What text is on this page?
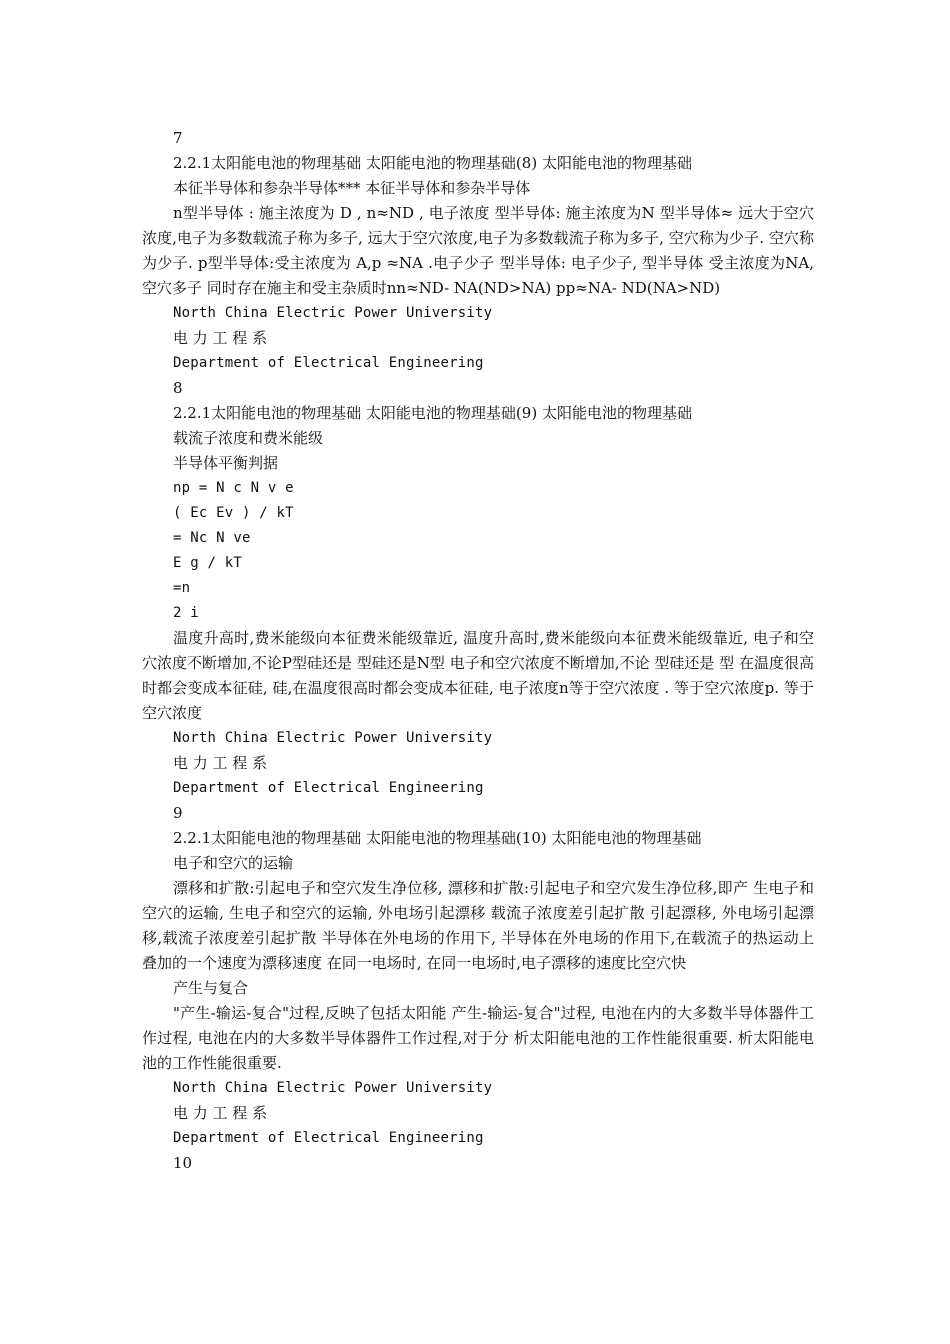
7
2.2.1太阳能电池的物理基础 太阳能电池的物理基础(8) 太阳能电池的物理基础
本征半导体和参杂半导体*** 本征半导体和参杂半导体

n型半导体 : 施主浓度为 D , n≈ND , 电子浓度 型半导体: 施主浓度为N 型半导体≈ 远大于空穴浓度,电子为多数载流子称为多子, 远大于空穴浓度,电子为多数载流子称为多子, 空穴称为少子. 空穴称为少子. p型半导体:受主浓度为 A,p ≈NA .电子少子 型半导体: 电子少子, 型半导体 受主浓度为NA, 空穴多子 同时存在施主和受主杂质时nn≈ND- NA(ND>NA) pp≈NA- ND(NA>ND)

North China Electric Power University
电 力 工 程 系
Department of Electrical Engineering
8
2.2.1太阳能电池的物理基础 太阳能电池的物理基础(9) 太阳能电池的物理基础
载流子浓度和费米能级
半导体平衡判据
np = N c N v e
( Ec Ev ) / kT
= Nc N ve
E g / kT
=n
2 i

温度升高时,费米能级向本征费米能级靠近, 温度升高时,费米能级向本征费米能级靠近, 电子和空穴浓度不断增加,不论P型硅还是 型硅还是N型 电子和空穴浓度不断增加,不论 型硅还是 型 在温度很高时都会变成本征硅, 硅,在温度很高时都会变成本征硅, 电子浓度n等于空穴浓度 . 等于空穴浓度p. 等于空穴浓度

North China Electric Power University
电 力 工 程 系
Department of Electrical Engineering
9
2.2.1太阳能电池的物理基础 太阳能电池的物理基础(10) 太阳能电池的物理基础
电子和空穴的运输

漂移和扩散:引起电子和空穴发生净位移, 漂移和扩散:引起电子和空穴发生净位移,即产 生电子和空穴的运输, 生电子和空穴的运输, 外电场引起漂移 载流子浓度差引起扩散 引起漂移, 外电场引起漂移,载流子浓度差引起扩散 半导体在外电场的作用下, 半导体在外电场的作用下,在载流子的热运动上 叠加的一个速度为漂移速度 在同一电场时, 在同一电场时,电子漂移的速度比空穴快

产生与复合

"产生-输运-复合"过程,反映了包括太阳能 产生-输运-复合"过程, 电池在内的大多数半导体器件工作过程, 电池在内的大多数半导体器件工作过程,对于分 析太阳能电池的工作性能很重要. 析太阳能电池的工作性能很重要.

North China Electric Power University
电 力 工 程 系
Department of Electrical Engineering
10
